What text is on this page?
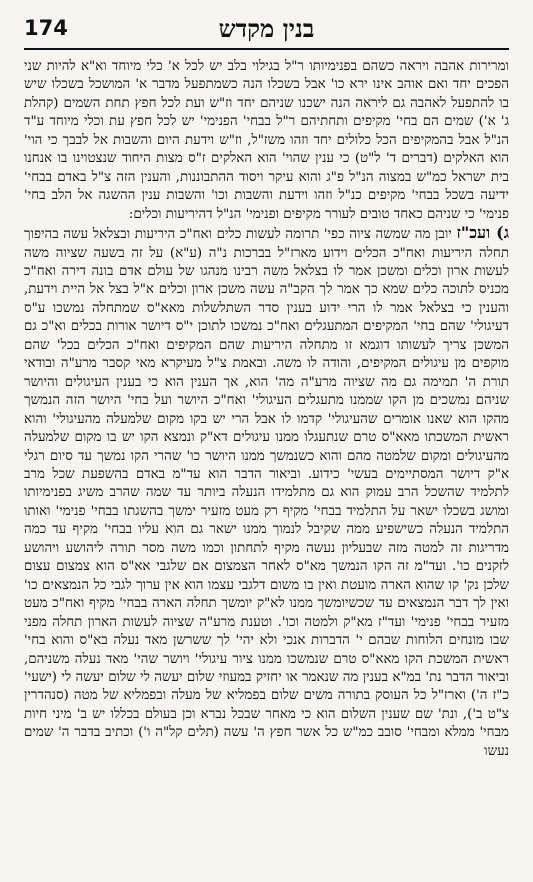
174	בנין מקדש

ומרירות אהבה ויראה כשהם בפנימיותו ר"ל בגילוי בלב יש לכל א' כלי מיוחד וא"א להיות שני הפכים יחד ואם אוהב אינו ירא כו' אבל בשכלו הנה כשמתפעל מדבר א' המושכל בשכלו שיש בו להתפעל לאהבה גם ליראה הנה ישכנו שניהם יחד וז"ש ועת לכל חפץ תחת השמים (קהלת ג' א') שמים הם בחי' מקיפים ותחתיהם ר"ל בבחי' הפנימי' יש לכל חפץ עת וכלי מיוחד ע"ד הנ"ל אבל בהמקיפים הכל כלולים יחד וזהו משז"ל, וז"ש וידעת היום והשבות אל לבבך כי הוי' הוא האלקים (דברים ד' ל"ט) כי ענין שהוי' הוא האלקים ז"ס מצות היחוד שנצטוינו בו אנחנו בית ישראל כמ"ש במצוה הנ"ל פ"ג והוא עיקר ויסוד ההתבוננות, והענין הזה צ"ל באדם בבחי' ידיעה בשכל בבחי' מקיפים כנ"ל וזהו וידעת והשבות וכו' והשבות ענין ההשגה אל הלב בחי' פנימי' כי שניהם כאחד טובים לעורר מקיפים ופנימי' הנ"ל דהיריעות וכלים:

ג) ועכ"ז יובן מה שמשה ציוה כפי' תרומה לעשות כלים ואח"כ היריעות ובצלאל עשה בהיפוך תחלה היריעות ואח"כ הכלים וידוע מארז"ל בברכות נ"ה (ע"א) על זה בשעה שציוה משה לעשות ארון וכלים ומשכן אמר לו בצלאל משה רבינו מנהגו של עולם אדם בונה דירה ואח"כ מכניס לתוכה כלים שמא כך אמר לך הקב"ה עשה משכן ארון וכלים א"ל בצל אל היית וידעת, והענין כי בצלאל אמר לו הרי ידוע בענין סדר השתלשלות מאא"ס שמתחלה נמשכו ע"ס דעיגולי' שהם בחי' המקיפים המתעגלים ואח"כ נמשכו לתוכן י"ס דיושר אורות בכלים וא"כ גם המשכן צריך לעשותו דוגמא זו מתחלה היריעות שהם המקיפים ואח"כ הכלים בכל' שהם מוקפים מן עיגולים המקיפים, והודה לו משה. ובאמת צ"ל מעיקרא מאי קסבר מרע"ה ובודאי תורת ה' תמימה גם מה שציוה מרע"ה מה' הוא, אך הענין הוא כי בענין העיגולים והיושר שניהם נמשכים מן הקו שממנו מתעגלים העיגולי' ואח"כ היושר ועל בחי' היושר הזה הנמשך מהקו הוא שאנו אומרים שהעיגולי' קדמו לו אבל הרי יש בקו מקום שלמעלה מהעיגולי' והוא ראשית המשכתו מאא"ס טרם שנתעגלו ממנו עיגולים דא"ק ונמצא הקו יש בו מקום שלמעלה מהעיגולים ומקום שלמטה מהם והוא כשנמשך ממנו היושר כו' שהרי הקו נמשך עד סיום רגלי א"ק דיושר המסתיימים בעשי' כידוע. וביאור הדבר הוא עד"מ באדם בהשפעת שכל מרב לתלמיד שהשכל הרב עמוק הוא גם מתלמידו הנעלה ביותר עד שמה שהרב משיג בפנימיותו ומושג בשכלו ישאר על התלמיד בבחי' מקיף רק מעט מזעיר ימשך בהשגתו בבחי' פנימי' ואותו התלמיד הנעלה כשישפיע ממה שקיבל לנמוך ממנו ישאר גם הוא עליו בבחי' מקיף עד כמה מדריגות זה למטה מזה שבעליון נעשה מקיף לתחתון וכמו משה מסר תורה ליהושע ויהושע לזקנים כו'. ועד"מ זה הקו הנמשך מא"ס לאחר הצמצום אם שלגבי אא"ס הוא צמצום עצום שלכן נק' קו שהוא הארה מועטת ואין בו משום דלגבי עצמו הוא אין ערוך לגבי כל הנמצאים כו' ואין לך דבר הנמצאים עד שכשיומשך ממנו לא"ק יומשך תחלה הארה בבחי' מקיף ואח"כ מעט מזעיר בבחי' פנימי' ועד"ז מא"ק ולמטה וכו'. וטענת מרע"ה שציוה לעשות הארון תחלה מפני שבו מונחים הלוחות שבהם י' הדברות אנכי ולא יהי' לך ששרשן מאד נעלה בא"ס והוא בחי' ראשית המשכת הקו מאא"ס טרם שנמשכו ממנו ציור עיגולי' ויושר שהי' מאד נעלה משניהם, וביאור הדבר נת' במ"א בענין מה שנאמר או יחזיק במעוזי שלום יעשה לי שלום יעשה לי (ישעי' כ"ז ה') וארז"ל כל העוסק בתורה משים שלום בפמליא של מעלה ובפמליא של מטה (סנהדרין צ"ט ב'), ונת' שם שענין השלום הוא כי מאחר שבכל נברא וכן בעולם בכללו יש ב' מיני חיות מבחי' ממלא ומבחי' סובב כמ"ש כל אשר חפץ ה' עשה (תלים קל"ה ו') וכתיב בדבר ה' שמים נעשו
